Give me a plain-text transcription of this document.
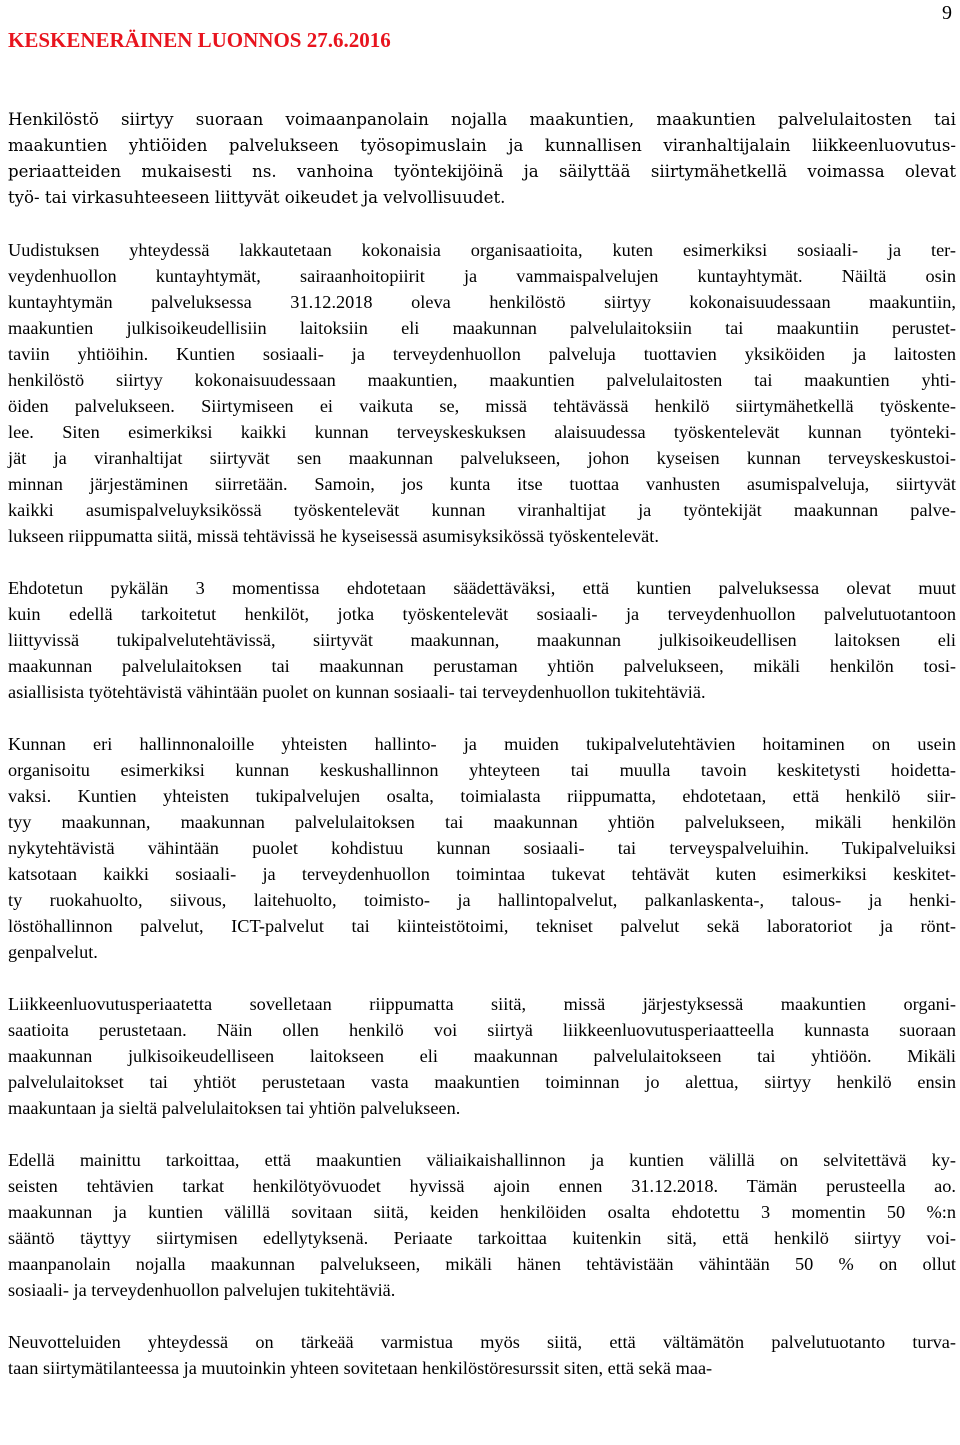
KESKENERÄINEN LUONNOS 27.6.2016
9
Henkilöstö siirtyy suoraan voimaanpanolain nojalla maakuntien, maakuntien palvelulaitosten tai
maakuntien yhtiöiden palvelukseen työsopimuslain ja kunnallisen viranhaltijalain liikkeenluovutus-
periaatteiden mukaisesti ns. vanhoina työntekijöinä ja säilyttää siirtymähetkellä voimassa olevat
työ- tai virkasuhteeseen liittyvät oikeudet ja velvollisuudet.
Uudistuksen yhteydessä lakkautetaan kokonaisia organisaatioita, kuten esimerkiksi sosiaali- ja ter-
veydenhuollon kuntayhtymät, sairaanhoitopiirit ja vammaispalvelujen kuntayhtymät. Näiltä osin
kuntayhtymän palveluksessa 31.12.2018 oleva henkilöstö siirtyy kokonaisuudessaan maakuntiin,
maakuntien julkisoikeudellisiin laitoksiin eli maakunnan palvelulaitoksiin tai maakuntiin perustet-
taviin yhtiöihin. Kuntien sosiaali- ja terveydenhuollon palveluja tuottavien yksiköiden ja laitosten
henkilöstö siirtyy kokonaisuudessaan maakuntien, maakuntien palvelulaitosten tai maakuntien yhti-
öiden palvelukseen. Siirtymiseen ei vaikuta se, missä tehtävässä henkilö siirtymähetkellä työskente-
lee. Siten esimerkiksi kaikki kunnan terveyskeskuksen alaisuudessa työskentelevät kunnan työnteki-
jät ja viranhaltijat siirtyvät sen maakunnan palvelukseen, johon kyseisen kunnan terveyskeskustoi-
minnan järjestäminen siirretään. Samoin, jos kunta itse tuottaa vanhusten asumispalveluja, siirtyvät
kaikki asumispalveluyksikössä työskentelevät kunnan viranhaltijat ja työntekijät maakunnan palve-
lukseen riippumatta siitä, missä tehtävissä he kyseisessä asumisyksikössä työskentelevät.
Ehdotetun pykälän 3 momentissa ehdotetaan säädettäväksi, että kuntien palveluksessa olevat muut
kuin edellä tarkoitetut henkilöt, jotka työskentelevät sosiaali- ja terveydenhuollon palvelutuotantoon
liittyvissä tukipalvelutehtävissä, siirtyvät maakunnan, maakunnan julkisoikeudellisen laitoksen eli
maakunnan palvelulaitoksen tai maakunnan perustaman yhtiön palvelukseen, mikäli henkilön tosi-
asiallisista työtehtävistä vähintään puolet on kunnan sosiaali- tai terveydenhuollon tukitehtäviä.
Kunnan eri hallinnonaloille yhteisten hallinto- ja muiden tukipalvelutehtävien hoitaminen on usein
organisoitu esimerkiksi kunnan keskushallinnon yhteyteen tai muulla tavoin keskitetysti hoidetta-
vaksi. Kuntien yhteisten tukipalvelujen osalta, toimialasta riippumatta, ehdotetaan, että henkilö siir-
tyy maakunnan, maakunnan palvelulaitoksen tai maakunnan yhtiön palvelukseen, mikäli henkilön
nykytehtävistä vähintään puolet kohdistuu kunnan sosiaali- tai terveyspalveluihin. Tukipalveluiksi
katsotaan kaikki sosiaali- ja terveydenhuollon toimintaa tukevat tehtävät kuten esimerkiksi keskitet-
ty ruokahuolto, siivous, laitehuolto, toimisto- ja hallintopalvelut, palkanlaskenta-, talous- ja henki-
löstöhallinnon palvelut, ICT-palvelut tai kiinteistötoimi, tekniset palvelut sekä laboratoriot ja rönt-
genpalvelut.
Liikkeenluovutusperiaatetta sovelletaan riippumatta siitä, missä järjestyksessä maakuntien organi-
saatioita perustetaan. Näin ollen henkilö voi siirtyä liikkeenluovutusperiaatteella kunnasta suoraan
maakunnan julkisoikeudelliseen laitokseen eli maakunnan palvelulaitokseen tai yhtiöön. Mikäli
palvelulaitokset tai yhtiöt perustetaan vasta maakuntien toiminnan jo alettua, siirtyy henkilö ensin
maakuntaan ja sieltä palvelulaitoksen tai yhtiön palvelukseen.
Edellä mainittu tarkoittaa, että maakuntien väliaikaishallinnon ja kuntien välillä on selvitettävä ky-
seisten tehtävien tarkat henkilötyövuodet hyvissä ajoin ennen 31.12.2018. Tämän perusteella ao.
maakunnan ja kuntien välillä sovitaan siitä, keiden henkilöiden osalta ehdotettu 3 momentin 50 %:n
sääntö täyttyy siirtymisen edellytyksenä. Periaate tarkoittaa kuitenkin sitä, että henkilö siirtyy voi-
maanpanolain nojalla maakunnan palvelukseen, mikäli hänen tehtävistään vähintään 50 % on ollut
sosiaali- ja terveydenhuollon palvelujen tukitehtäviä.
Neuvotteluiden yhteydessä on tärkeää varmistua myös siitä, että vältämätön palvelutuotanto turva-
taan siirtymätilanteessa ja muutoinkin yhteen sovitetaan henkilöstöresurssit siten, että sekä maa-
